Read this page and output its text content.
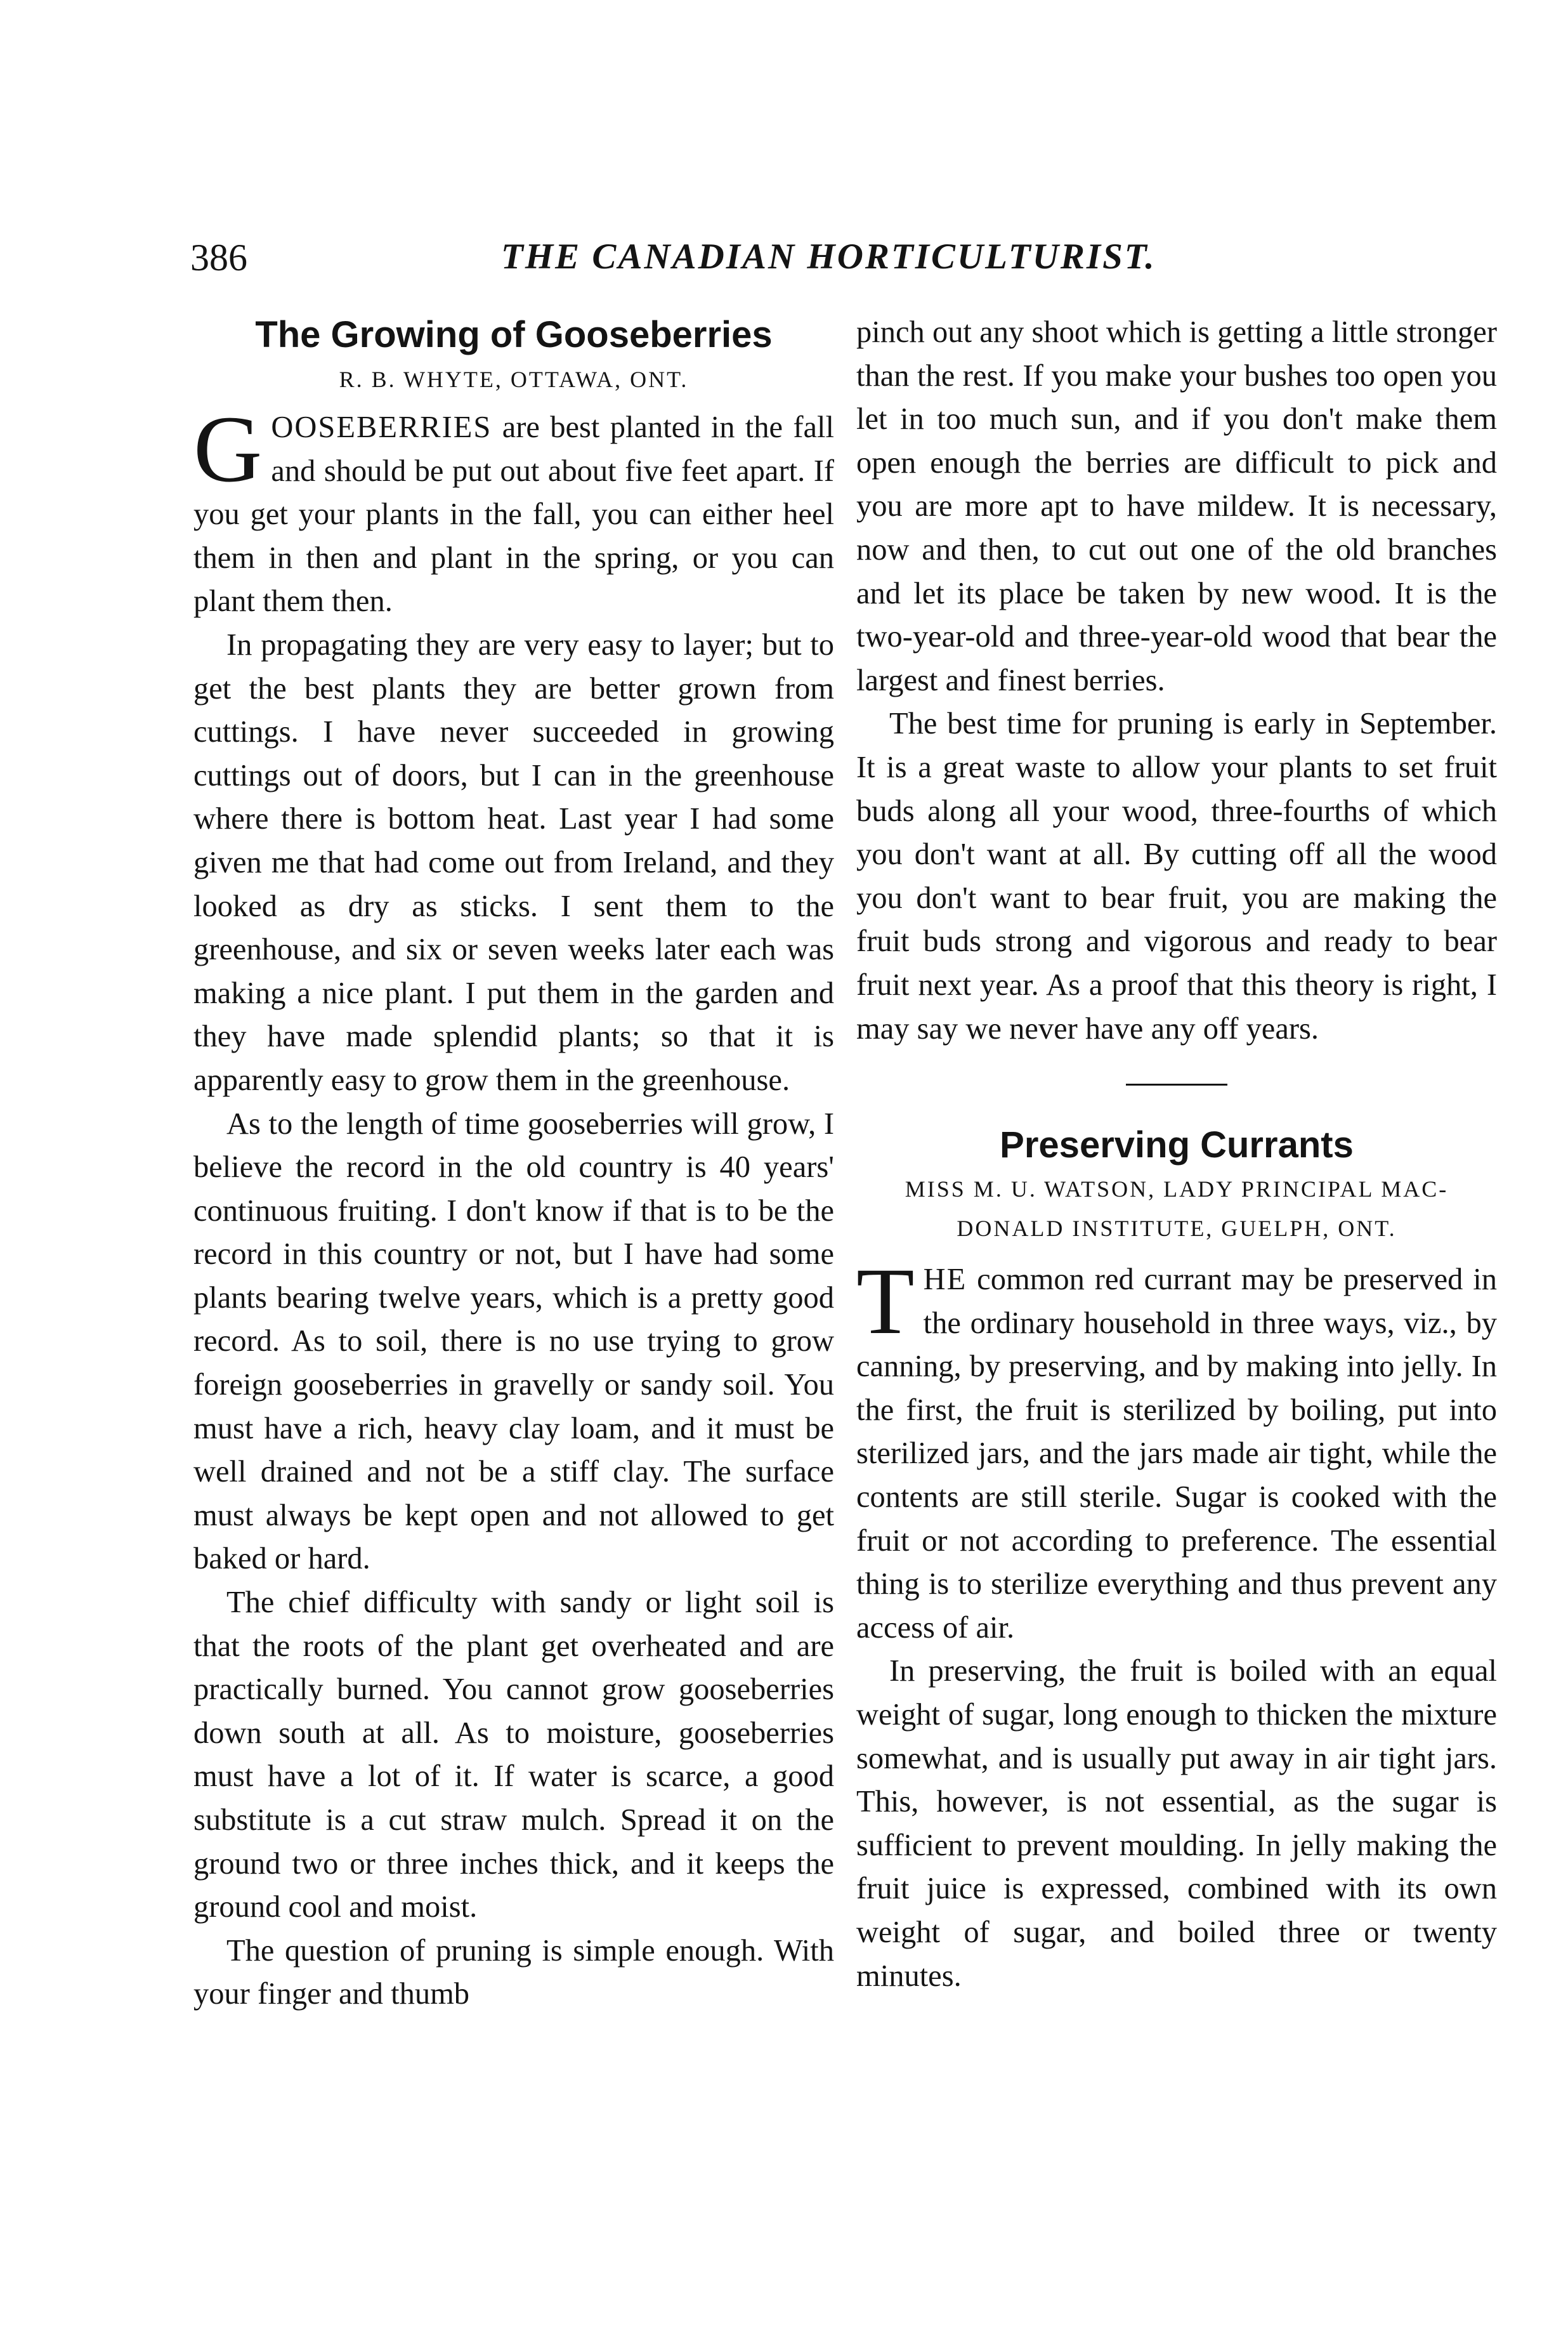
386	THE CANADIAN HORTICULTURIST.
The Growing of Gooseberries
R. B. WHYTE, OTTAWA, ONT.

GOOSEBERRIES are best planted in the fall and should be put out about five feet apart. If you get your plants in the fall, you can either heel them in then and plant in the spring, or you can plant them then.

In propagating they are very easy to layer; but to get the best plants they are better grown from cuttings. I have never succeeded in growing cuttings out of doors, but I can in the greenhouse where there is bottom heat. Last year I had some given me that had come out from Ireland, and they looked as dry as sticks. I sent them to the greenhouse, and six or seven weeks later each was making a nice plant. I put them in the garden and they have made splendid plants; so that it is apparently easy to grow them in the greenhouse.

As to the length of time gooseberries will grow, I believe the record in the old country is 40 years' continuous fruiting. I don't know if that is to be the record in this country or not, but I have had some plants bearing twelve years, which is a pretty good record. As to soil, there is no use trying to grow foreign gooseberries in gravelly or sandy soil. You must have a rich, heavy clay loam, and it must be well drained and not be a stiff clay. The surface must always be kept open and not allowed to get baked or hard.

The chief difficulty with sandy or light soil is that the roots of the plant get overheated and are practically burned. You cannot grow gooseberries down south at all. As to moisture, gooseberries must have a lot of it. If water is scarce, a good substitute is a cut straw mulch. Spread it on the ground two or three inches thick, and it keeps the ground cool and moist.

The question of pruning is simple enough. With your finger and thumb

pinch out any shoot which is getting a little stronger than the rest. If you make your bushes too open you let in too much sun, and if you don't make them open enough the berries are difficult to pick and you are more apt to have mildew. It is necessary, now and then, to cut out one of the old branches and let its place be taken by new wood. It is the two-year-old and three-year-old wood that bear the largest and finest berries.

The best time for pruning is early in September. It is a great waste to allow your plants to set fruit buds along all your wood, three-fourths of which you don't want at all. By cutting off all the wood you don't want to bear fruit, you are making the fruit buds strong and vigorous and ready to bear fruit next year. As a proof that this theory is right, I may say we never have any off years.

Preserving Currants
MISS M. U. WATSON, LADY PRINCIPAL MAC-
DONALD INSTITUTE, GUELPH, ONT.

THE common red currant may be preserved in the ordinary household in three ways, viz., by canning, by preserving, and by making into jelly. In the first, the fruit is sterilized by boiling, put into sterilized jars, and the jars made air tight, while the contents are still sterile. Sugar is cooked with the fruit or not according to preference. The essential thing is to sterilize everything and thus prevent any access of air.

In preserving, the fruit is boiled with an equal weight of sugar, long enough to thicken the mixture somewhat, and is usually put away in air tight jars. This, however, is not essential, as the sugar is sufficient to prevent moulding. In jelly making the fruit juice is expressed, combined with its own weight of sugar, and boiled three or twenty minutes.
